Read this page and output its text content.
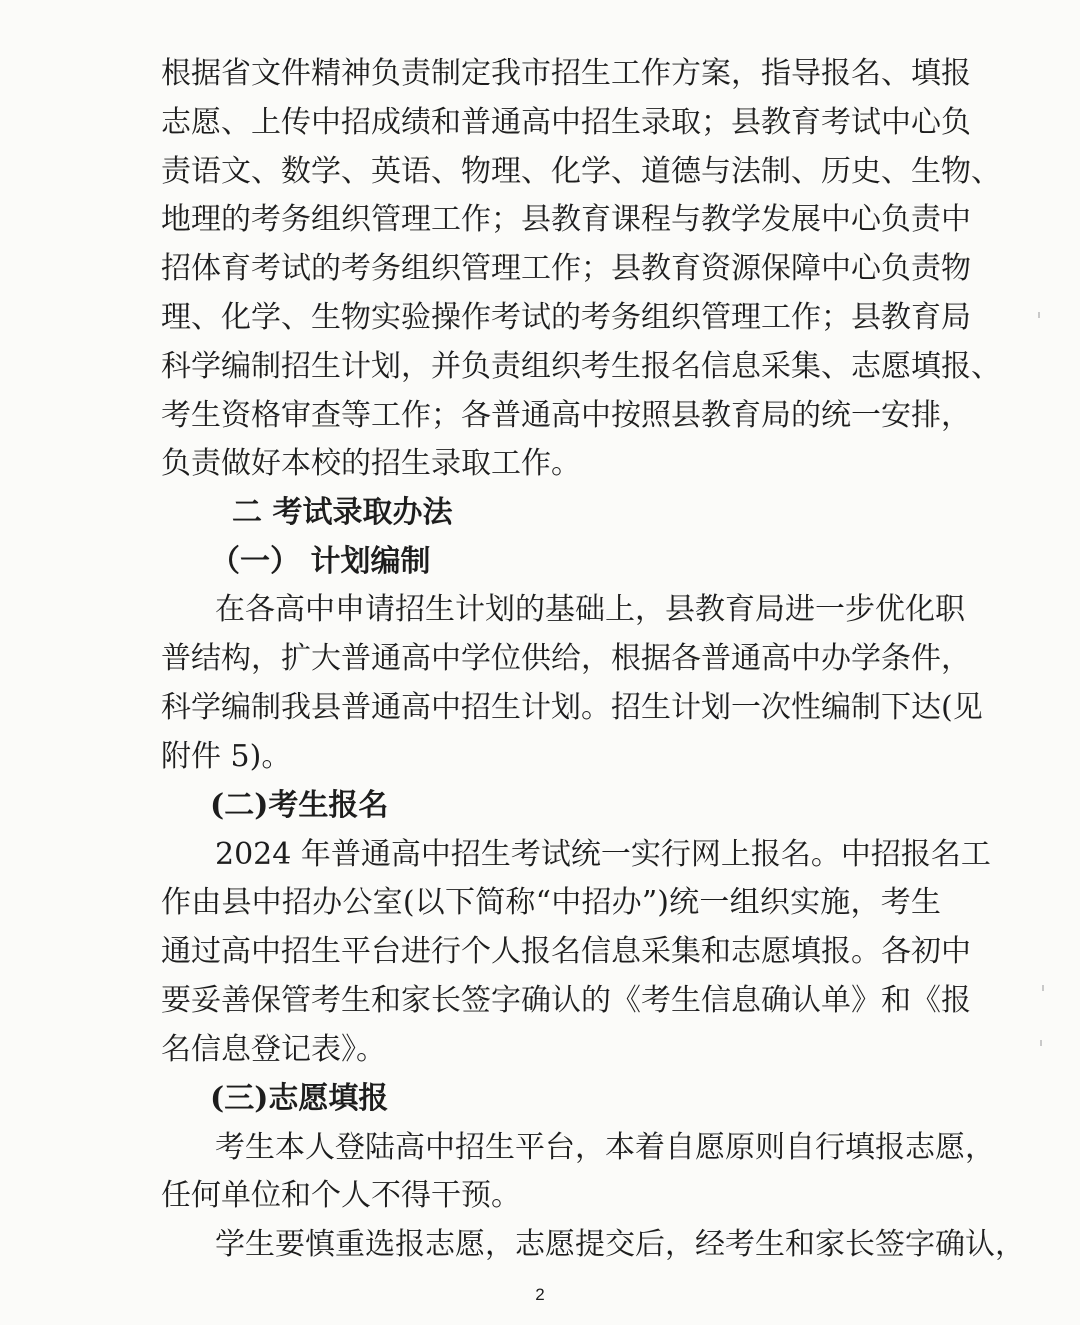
根据省文件精神负责制定我市招生工作方案，指导报名、填报
志愿、上传中招成绩和普通高中招生录取；县教育考试中心负
责语文、数学、英语、物理、化学、道德与法制、历史、生物、
地理的考务组织管理工作；县教育课程与教学发展中心负责中
招体育考试的考务组织管理工作；县教育资源保障中心负责物
理、化学、生物实验操作考试的考务组织管理工作；县教育局
科学编制招生计划，并负责组织考生报名信息采集、志愿填报、
考生资格审查等工作；各普通高中按照县教育局的统一安排，
负责做好本校的招生录取工作。
二 考试录取办法
（一） 计划编制
在各高中申请招生计划的基础上，县教育局进一步优化职
普结构，扩大普通高中学位供给，根据各普通高中办学条件，
科学编制我县普通高中招生计划。招生计划一次性编制下达(见
附件 5)。
(二)考生报名
2024 年普通高中招生考试统一实行网上报名。中招报名工
作由县中招办公室(以下简称“中招办”)统一组织实施，考生
通过高中招生平台进行个人报名信息采集和志愿填报。各初中
要妥善保管考生和家长签字确认的《考生信息确认单》和《报
名信息登记表》。
(三)志愿填报
考生本人登陆高中招生平台，本着自愿原则自行填报志愿，
任何单位和个人不得干预。
学生要慎重选报志愿，志愿提交后，经考生和家长签字确认，
2
